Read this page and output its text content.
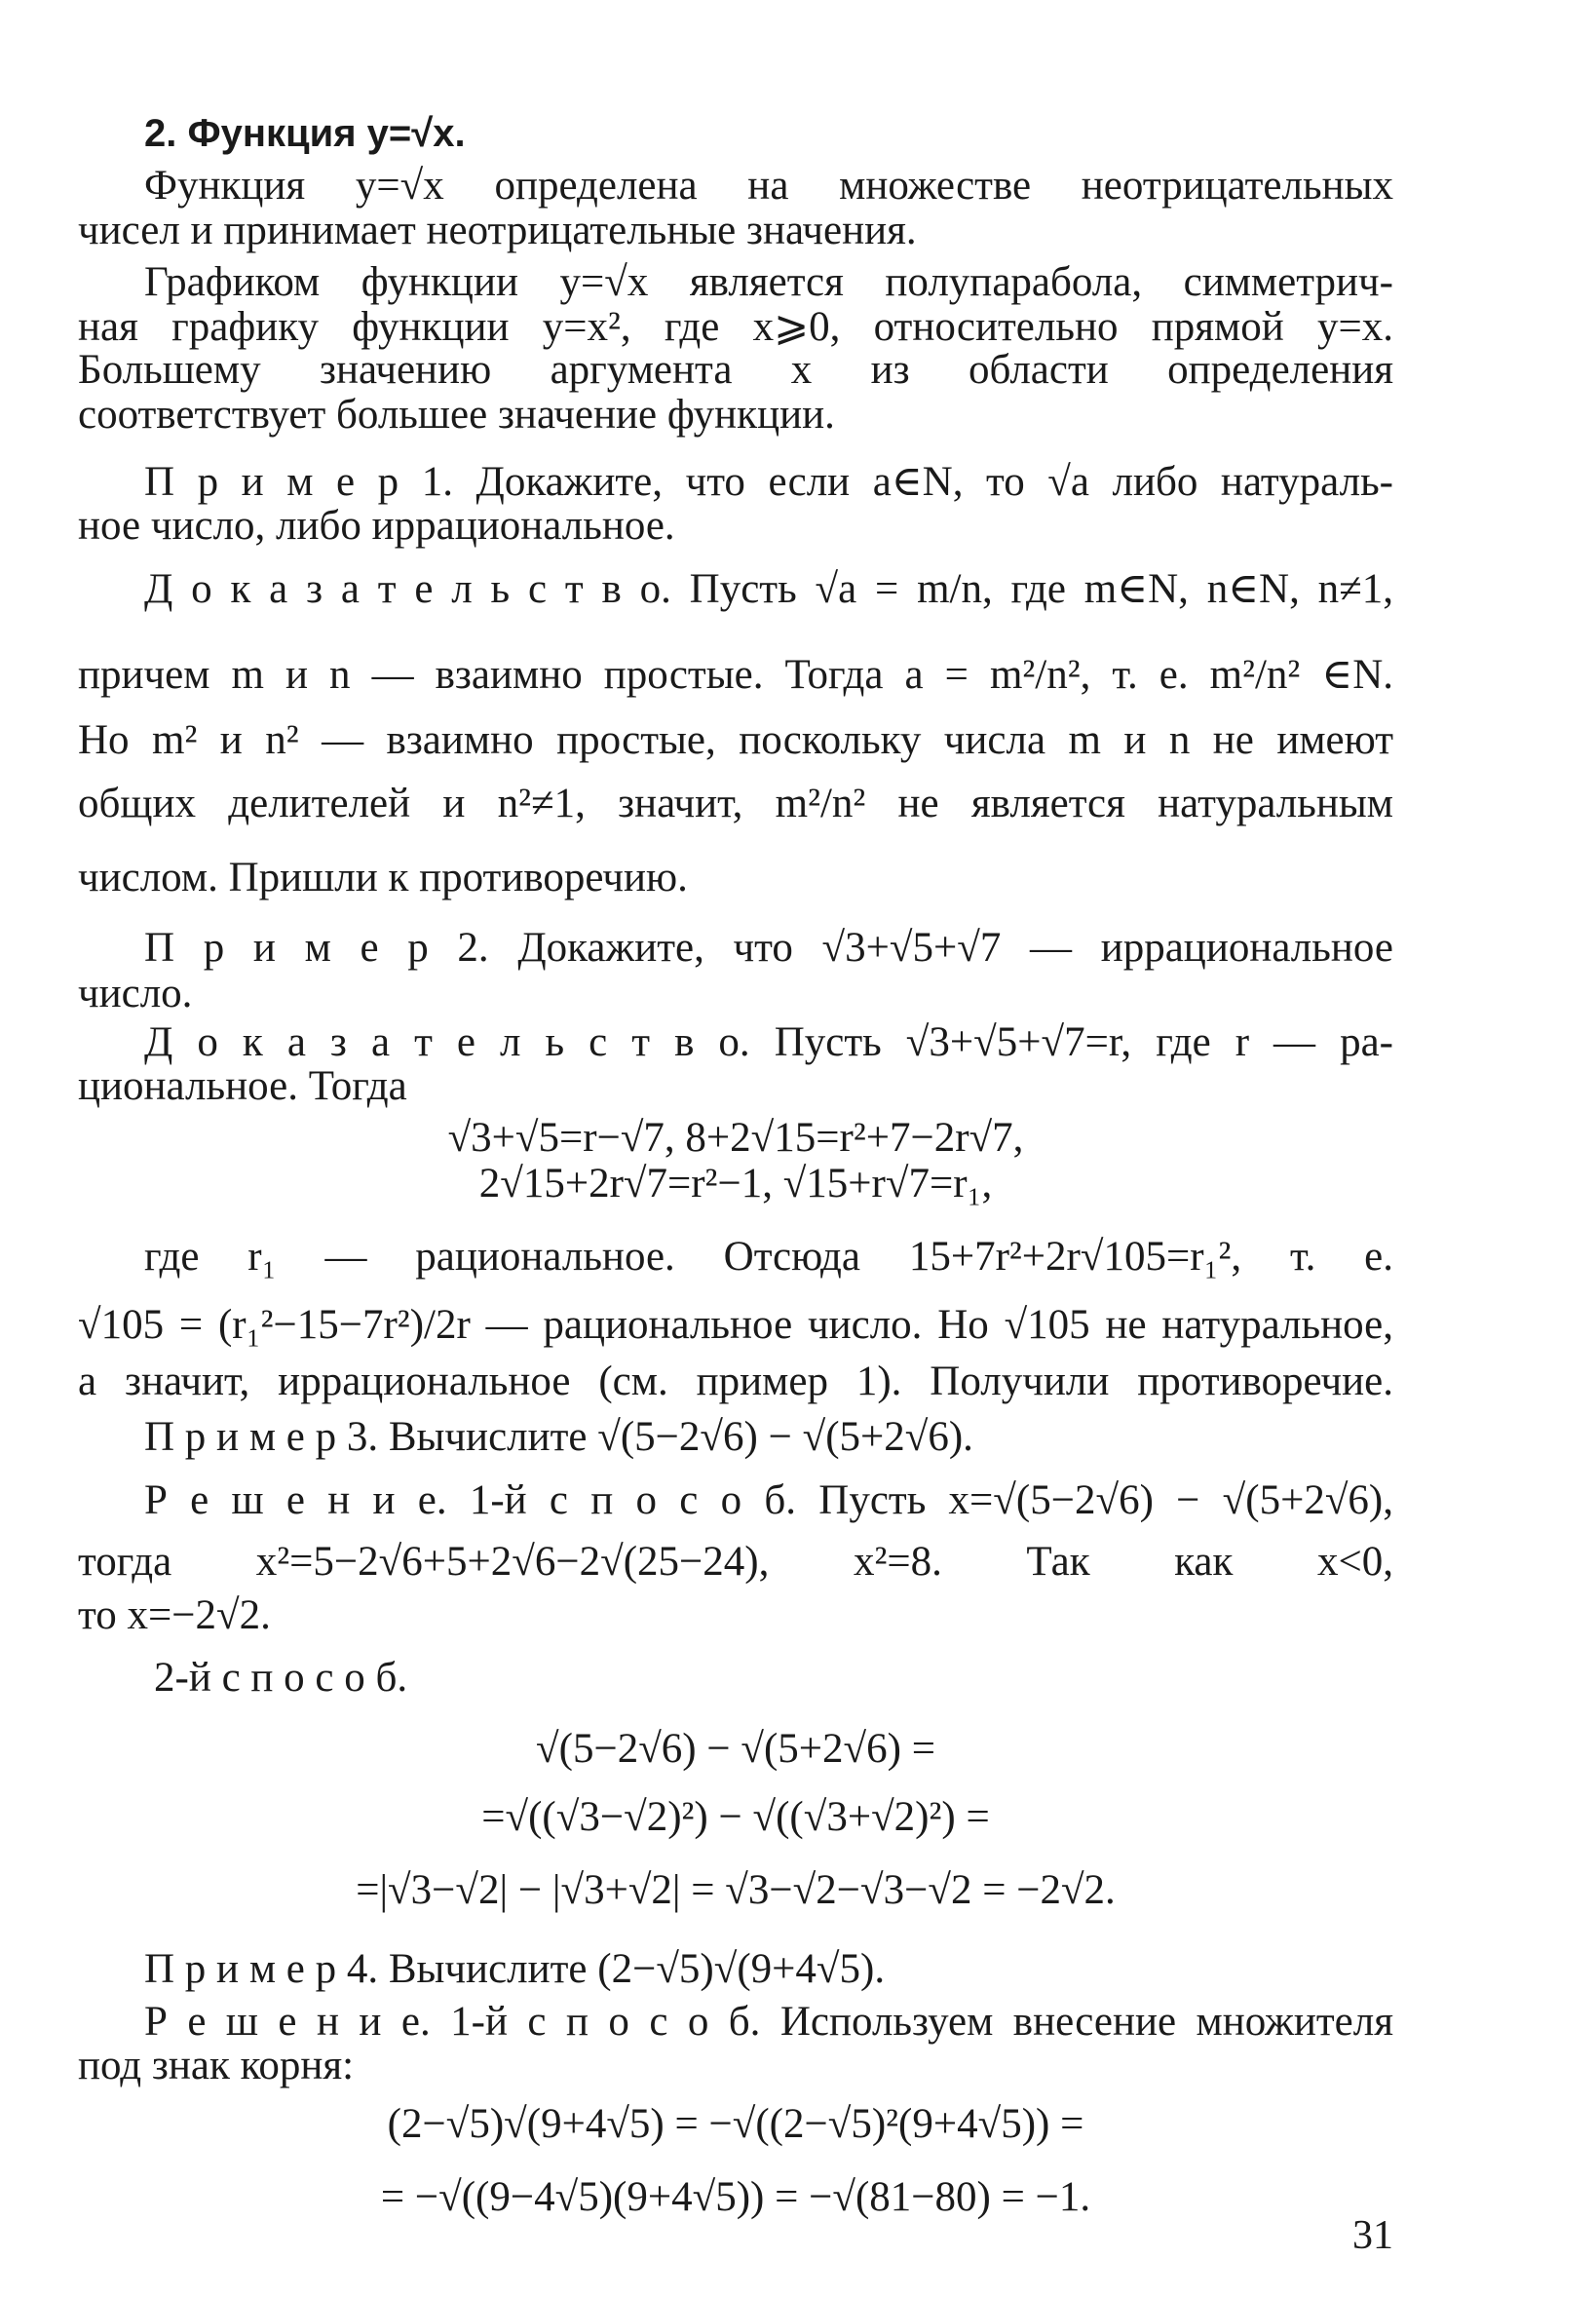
2. Функция y=√x.
Функция y=√x определена на множестве неотрицательных
чисел и принимает неотрицательные значения.
Графиком функции y=√x является полупарабола, симметрич-
ная графику функции y=x², где x⩾0, относительно прямой y=x.
Большему значению аргумента x из области определения
соответствует большее значение функции.
П р и м е р 1. Докажите, что если a∈N, то √a либо натураль-
ное число, либо иррациональное.
Д о к а з а т е л ь с т в о. Пусть √a = m/n, где m∈N, n∈N, n≠1,
причем m и n — взаимно простые. Тогда a = m²/n², т. е. m²/n² ∈N.
Но m² и n² — взаимно простые, поскольку числа m и n не имеют
общих делителей и n²≠1, значит, m²/n² не является натуральным
числом. Пришли к противоречию.
П р и м е р 2. Докажите, что √3+√5+√7 — иррациональное
число.
Д о к а з а т е л ь с т в о. Пусть √3+√5+√7=r, где r — ра-
циональное. Тогда
√3+√5=r−√7, 8+2√15=r²+7−2r√7,
2√15+2r√7=r²−1, √15+r√7=r₁,
где r₁ — рациональное. Отсюда 15+7r²+2r√105=r₁², т. е.
√105 = (r₁²−15−7r²)/2r — рациональное число. Но √105 не натуральное,
а значит, иррациональное (см. пример 1). Получили противоречие.
П р и м е р 3. Вычислите √(5−2√6) − √(5+2√6).
Р е ш е н и е. 1-й с п о с о б. Пусть x=√(5−2√6) − √(5+2√6),
тогда x²=5−2√6+5+2√6−2√(25−24), x²=8. Так как x<0,
то x=−2√2.
2-й с п о с о б.
√(5−2√6) − √(5+2√6) =
=√((√3−√2)²) − √((√3+√2)²) =
=|√3−√2| − |√3+√2| = √3−√2−√3−√2 = −2√2.
П р и м е р 4. Вычислите (2−√5)√(9+4√5).
Р е ш е н и е. 1-й с п о с о б. Используем внесение множителя
под знак корня:
(2−√5)√(9+4√5) = −√((2−√5)²(9+4√5)) =
= −√((9−4√5)(9+4√5)) = −√(81−80) = −1.
31
